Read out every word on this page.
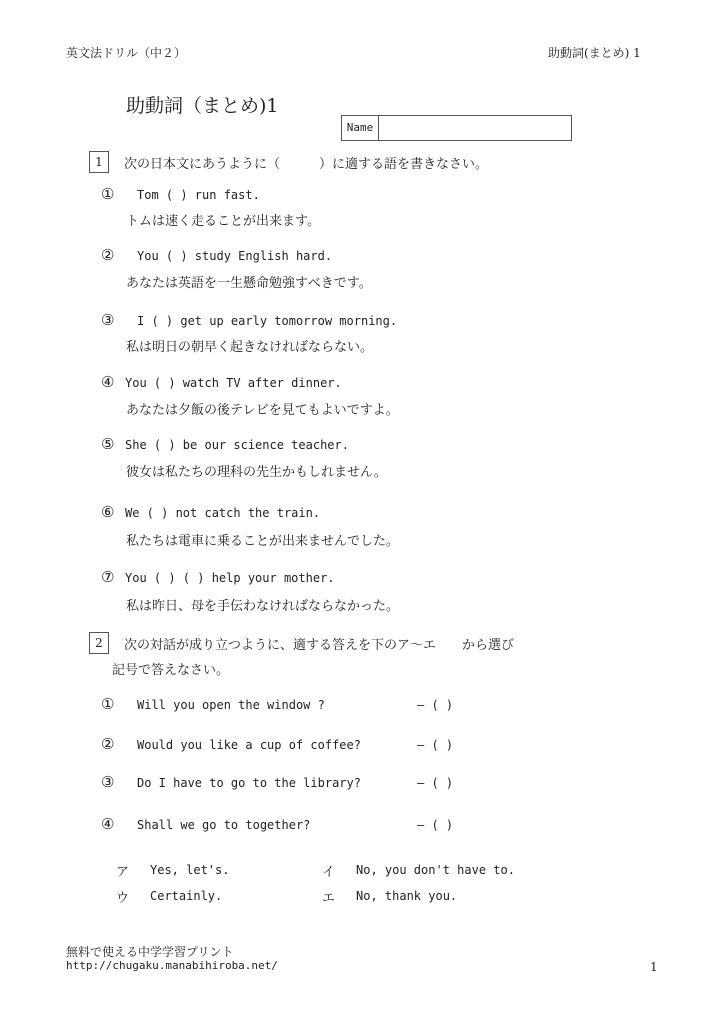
英文法ドリル（中２）	助動詞(まとめ) 1
助動詞（まとめ)1
Name
1	次の日本文にあうように（　　　）に適する語を書きなさい。
① Tom ( ) run fast.
トムは速く走ることが出来ます。
② You ( ) study English hard.
あなたは英語を一生懸命勉強すべきです。
③ I ( ) get up early tomorrow morning.
私は明日の朝早く起きなければならない。
④ You ( ) watch TV after dinner.
あなたは夕飯の後テレビを見てもよいですよ。
⑤ She ( ) be our science teacher.
彼女は私たちの理科の先生かもしれません。
⑥ We ( ) not catch the train.
私たちは電車に乗ることが出来ませんでした。
⑦ You ( ) ( ) help your mother.
私は昨日、母を手伝わなければならなかった。
2	次の対話が成り立つように、適する答えを下のア～エ　　から選び
記号で答えなさい。
① Will you open the window ?	― ( )
② Would you like a cup of coffee?	― ( )
③ Do I have to go to the library?	― ( )
④ Shall we go to together?	― ( )
ア Yes, let's.	イ No, you don't have to.
ウ Certainly.	エ No, thank you.
無料で使える中学学習プリント
http://chugaku.manabihiroba.net/	1
